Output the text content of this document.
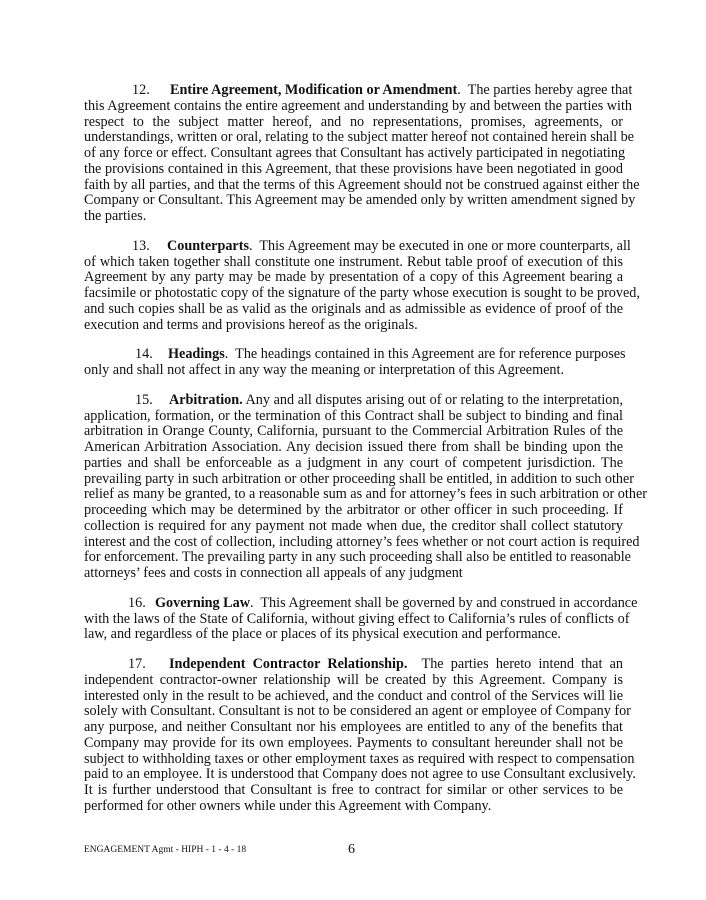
12. Entire Agreement, Modification or Amendment.  The parties hereby agree that
this Agreement contains the entire agreement and understanding by and between the parties with
respect to the subject matter hereof, and no representations, promises, agreements, or
understandings, written or oral, relating to the subject matter hereof not contained herein shall be
of any force or effect. Consultant agrees that Consultant has actively participated in negotiating
the provisions contained in this Agreement, that these provisions have been negotiated in good
faith by all parties, and that the terms of this Agreement should not be construed against either the
Company or Consultant. This Agreement may be amended only by written amendment signed by
the parties.
13. Counterparts.  This Agreement may be executed in one or more counterparts, all
of which taken together shall constitute one instrument. Rebut table proof of execution of this
Agreement by any party may be made by presentation of a copy of this Agreement bearing a
facsimile or photostatic copy of the signature of the party whose execution is sought to be proved,
and such copies shall be as valid as the originals and as admissible as evidence of proof of the
execution and terms and provisions hereof as the originals.
14. Headings.  The headings contained in this Agreement are for reference purposes
only and shall not affect in any way the meaning or interpretation of this Agreement.
15. Arbitration. Any and all disputes arising out of or relating to the interpretation,
application, formation, or the termination of this Contract shall be subject to binding and final
arbitration in Orange County, California, pursuant to the Commercial Arbitration Rules of the
American Arbitration Association. Any decision issued there from shall be binding upon the
parties and shall be enforceable as a judgment in any court of competent jurisdiction. The
prevailing party in such arbitration or other proceeding shall be entitled, in addition to such other
relief as many be granted, to a reasonable sum as and for attorney’s fees in such arbitration or other
proceeding which may be determined by the arbitrator or other officer in such proceeding. If
collection is required for any payment not made when due, the creditor shall collect statutory
interest and the cost of collection, including attorney’s fees whether or not court action is required
for enforcement. The prevailing party in any such proceeding shall also be entitled to reasonable
attorneys’ fees and costs in connection all appeals of any judgment
16. Governing Law.  This Agreement shall be governed by and construed in accordance
with the laws of the State of California, without giving effect to California’s rules of conflicts of
law, and regardless of the place or places of its physical execution and performance.
17. Independent Contractor Relationship.  The parties hereto intend that an
independent contractor-owner relationship will be created by this Agreement. Company is
interested only in the result to be achieved, and the conduct and control of the Services will lie
solely with Consultant. Consultant is not to be considered an agent or employee of Company for
any purpose, and neither Consultant nor his employees are entitled to any of the benefits that
Company may provide for its own employees. Payments to consultant hereunder shall not be
subject to withholding taxes or other employment taxes as required with respect to compensation
paid to an employee. It is understood that Company does not agree to use Consultant exclusively.
It is further understood that Consultant is free to contract for similar or other services to be
performed for other owners while under this Agreement with Company.
ENGAGEMENT Agmt - HIPH - 1 - 4 - 18	6
